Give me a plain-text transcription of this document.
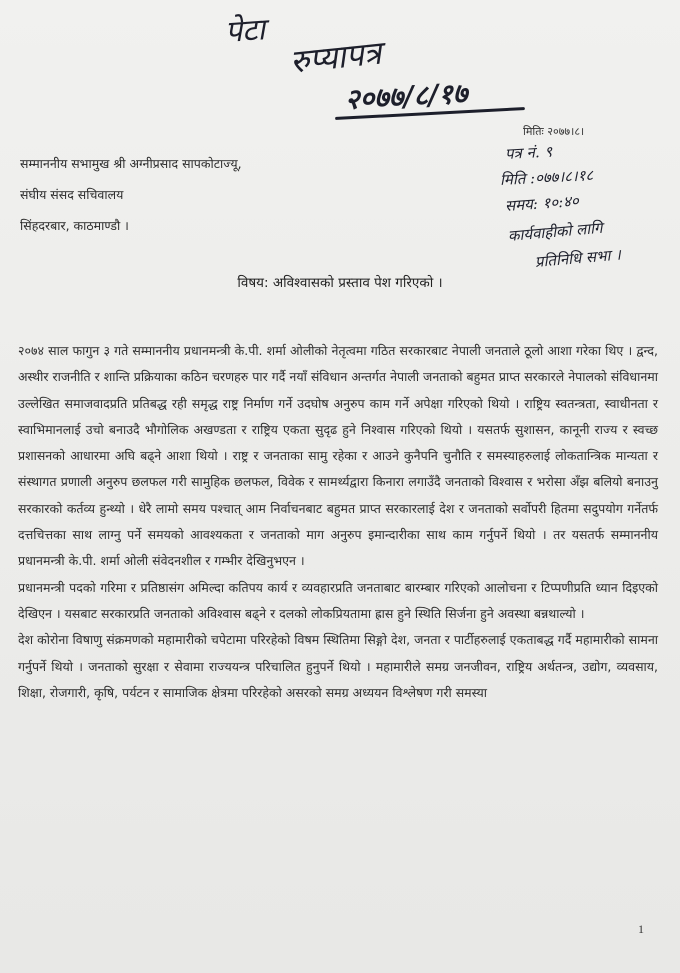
पेटा
रुप्यापत्र
२०७७/८/१७
मितिः २०७७।८।
पत्र नं. ९
मिति :०७७।८।१८
समय: १०:४०
कार्यवाहीको लागि
प्रतिनिधि सभा ।
सम्माननीय सभामुख श्री अग्नीप्रसाद सापकोटाज्यू,
संघीय संसद सचिवालय
सिंहदरबार, काठमाण्डौ ।
विषय: अविश्वासको प्रस्ताव पेश गरिएको ।

२०७४ साल फागुन ३ गते सम्माननीय प्रधानमन्त्री के.पी. शर्मा ओलीको नेतृत्वमा गठित सरकारबाट नेपाली जनताले ठूलो आशा गरेका थिए । द्वन्द, अस्थीर राजनीति र शान्ति प्रक्रियाका कठिन चरणहरु पार गर्दै नयाँ संविधान अन्तर्गत नेपाली जनताको बहुमत प्राप्त सरकारले नेपालको संविधानमा उल्लेखित समाजवादप्रति प्रतिबद्ध रही समृद्ध राष्ट्र निर्माण गर्ने उदघोष अनुरुप काम गर्ने अपेक्षा गरिएको थियो । राष्ट्रिय स्वतन्त्रता, स्वाधीनता र स्वाभिमानलाई उचो बनाउदै भौगोलिक अखण्डता र राष्ट्रिय एकता सुदृढ हुने निश्वास गरिएको थियो । यसतर्फ सुशासन, कानूनी राज्य र स्वच्छ प्रशासनको आधारमा अघि बढ्ने आशा थियो । राष्ट्र र जनताका सामु रहेका र आउने कुनैपनि चुनौति र समस्याहरुलाई लोकतान्त्रिक मान्यता र संस्थागत प्रणाली अनुरुप छलफल गरी सामुहिक छलफल, विवेक र सामर्थ्यद्वारा किनारा लगाउँदै जनताको विश्वास र भरोसा अँझ बलियो बनाउनु सरकारको कर्तव्य हुन्थ्यो । धेरै लामो समय पश्चात् आम निर्वाचनबाट बहुमत प्राप्त सरकारलाई देश र जनताको सर्वोपरी हितमा सदुपयोग गर्नेतर्फ दत्तचित्तका साथ लाग्नु पर्ने समयको आवश्यकता र जनताको माग अनुरुप इमान्दारीका साथ काम गर्नुपर्ने थियो । तर यसतर्फ सम्माननीय प्रधानमन्त्री के.पी. शर्मा ओली संवेदनशील र गम्भीर देखिनुभएन ।

प्रधानमन्त्री पदको गरिमा र प्रतिष्ठासंग अमिल्दा कतिपय कार्य र व्यवहारप्रति जनताबाट बारम्बार गरिएको आलोचना र टिप्पणीप्रति ध्यान दिइएको देखिएन । यसबाट सरकारप्रति जनताको अविश्वास बढ्ने र दलको लोकप्रियतामा ह्रास हुने स्थिति सिर्जना हुने अवस्था बन्नथाल्यो ।

देश कोरोना विषाणु संक्रमणको महामारीको चपेटामा परिरहेको विषम स्थितिमा सिङ्गो देश, जनता र पार्टीहरुलाई एकताबद्ध गर्दै महामारीको सामना गर्नुपर्ने थियो । जनताको सुरक्षा र सेवामा राज्ययन्त्र परिचालित हुनुपर्ने थियो । महामारीले समग्र जनजीवन, राष्ट्रिय अर्थतन्त्र, उद्योग, व्यवसाय, शिक्षा, रोजगारी, कृषि, पर्यटन र सामाजिक क्षेत्रमा परिरहेको असरको समग्र अध्ययन विश्लेषण गरी समस्या

1
